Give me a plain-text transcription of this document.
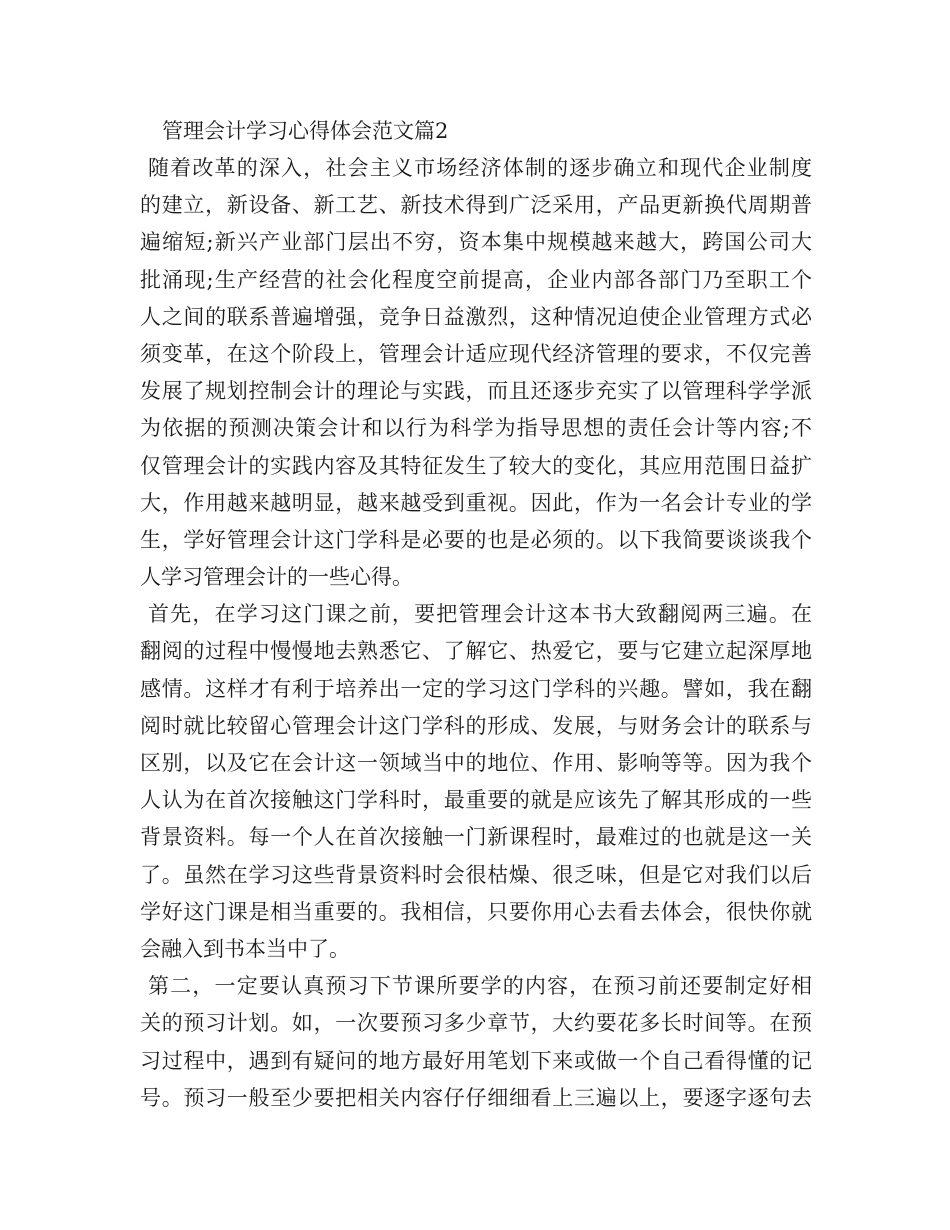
管理会计学习心得体会范文篇2
随着改革的深入，社会主义市场经济体制的逐步确立和现代企业制度
的建立，新设备、新工艺、新技术得到广泛采用，产品更新换代周期普
遍缩短;新兴产业部门层出不穷，资本集中规模越来越大，跨国公司大
批涌现;生产经营的社会化程度空前提高，企业内部各部门乃至职工个
人之间的联系普遍增强，竞争日益激烈，这种情况迫使企业管理方式必
须变革，在这个阶段上，管理会计适应现代经济管理的要求，不仅完善
发展了规划控制会计的理论与实践，而且还逐步充实了以管理科学学派
为依据的预测决策会计和以行为科学为指导思想的责任会计等内容;不
仅管理会计的实践内容及其特征发生了较大的变化，其应用范围日益扩
大，作用越来越明显，越来越受到重视。因此，作为一名会计专业的学
生，学好管理会计这门学科是必要的也是必须的。以下我简要谈谈我个
人学习管理会计的一些心得。
首先，在学习这门课之前，要把管理会计这本书大致翻阅两三遍。在
翻阅的过程中慢慢地去熟悉它、了解它、热爱它，要与它建立起深厚地
感情。这样才有利于培养出一定的学习这门学科的兴趣。譬如，我在翻
阅时就比较留心管理会计这门学科的形成、发展，与财务会计的联系与
区别，以及它在会计这一领域当中的地位、作用、影响等等。因为我个
人认为在首次接触这门学科时，最重要的就是应该先了解其形成的一些
背景资料。每一个人在首次接触一门新课程时，最难过的也就是这一关
了。虽然在学习这些背景资料时会很枯燥、很乏味，但是它对我们以后
学好这门课是相当重要的。我相信，只要你用心去看去体会，很快你就
会融入到书本当中了。
第二，一定要认真预习下节课所要学的内容，在预习前还要制定好相
关的预习计划。如，一次要预习多少章节，大约要花多长时间等。在预
习过程中，遇到有疑问的地方最好用笔划下来或做一个自己看得懂的记
号。预习一般至少要把相关内容仔仔细细看上三遍以上，要逐字逐句去
